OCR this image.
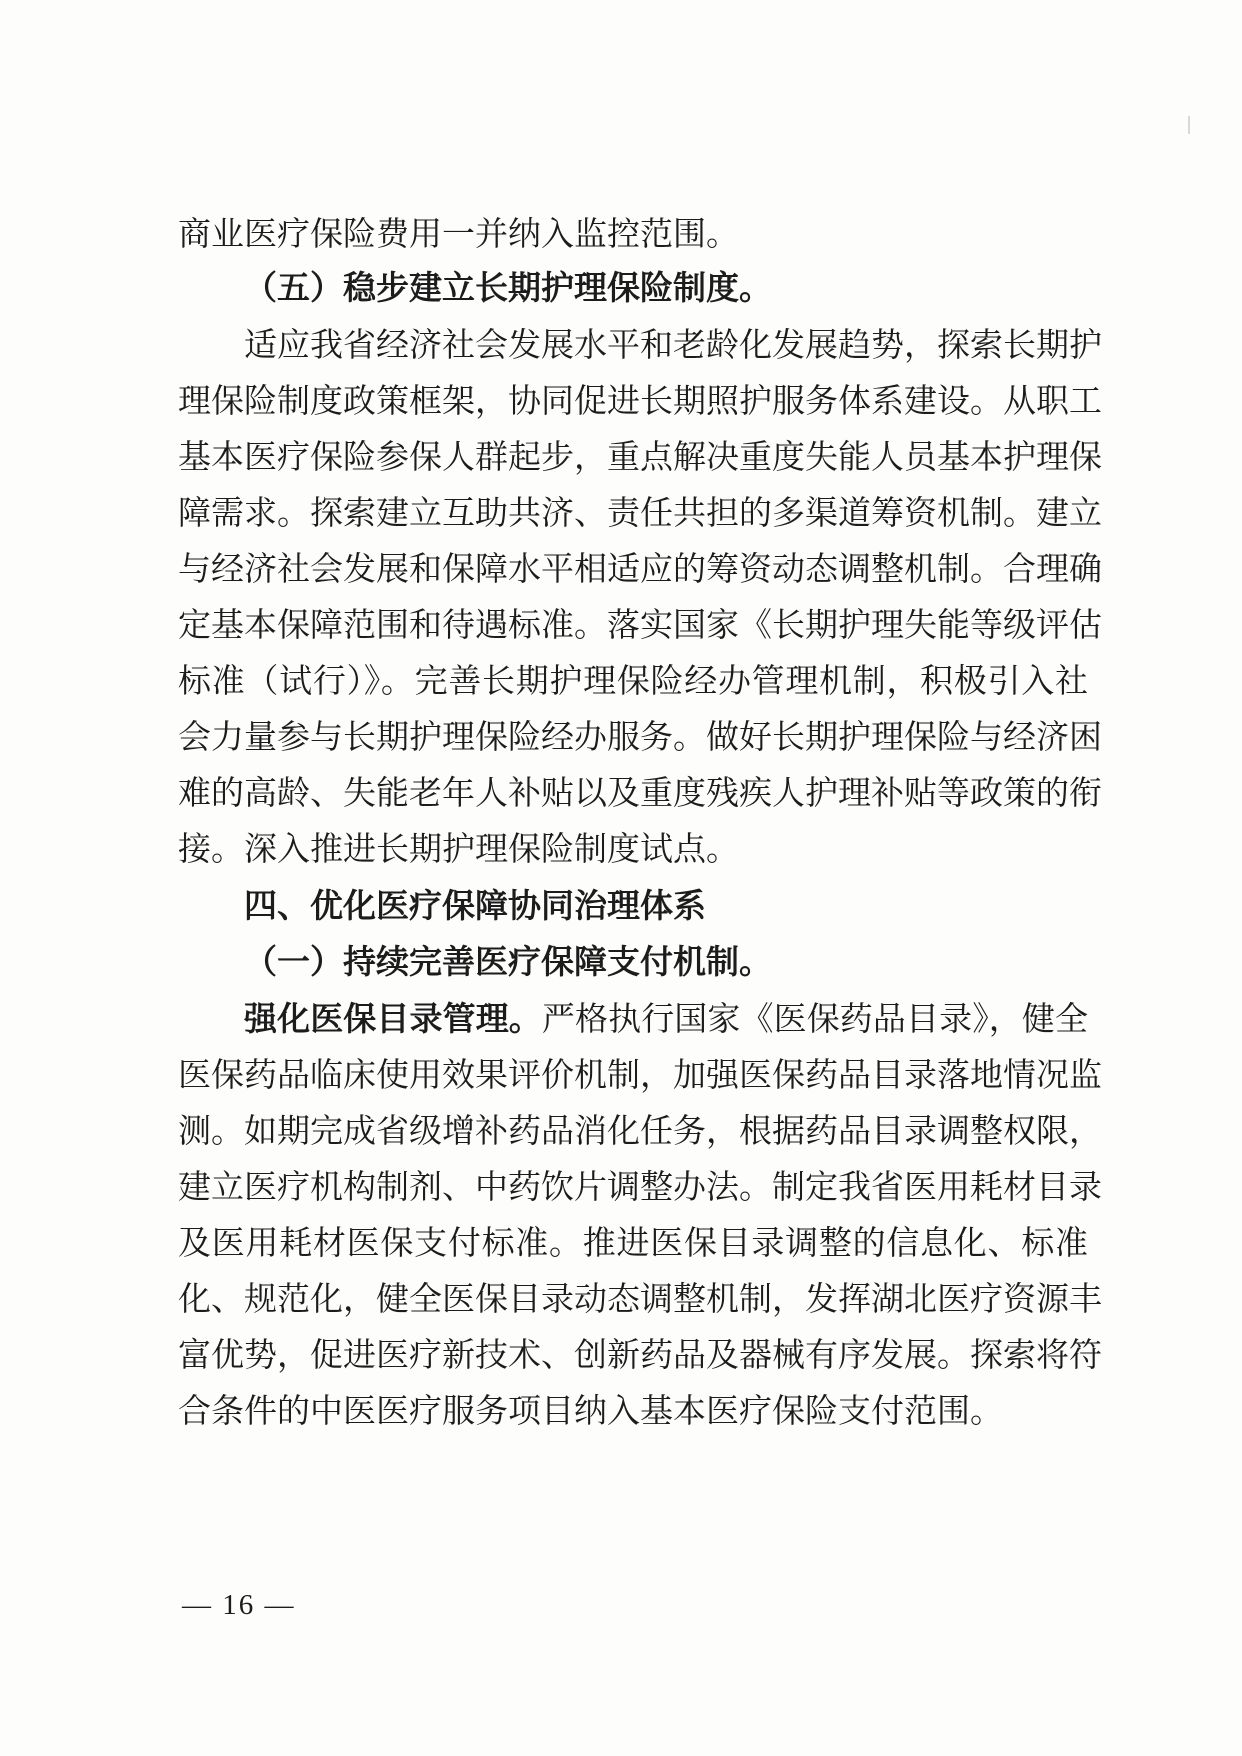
商业医疗保险费用一并纳入监控范围。
（五）稳步建立长期护理保险制度。
适应我省经济社会发展水平和老龄化发展趋势，探索长期护
理保险制度政策框架，协同促进长期照护服务体系建设。从职工
基本医疗保险参保人群起步，重点解决重度失能人员基本护理保
障需求。探索建立互助共济、责任共担的多渠道筹资机制。建立
与经济社会发展和保障水平相适应的筹资动态调整机制。合理确
定基本保障范围和待遇标准。落实国家《长期护理失能等级评估
标准（试行）》。完善长期护理保险经办管理机制，积极引入社
会力量参与长期护理保险经办服务。做好长期护理保险与经济困
难的高龄、失能老年人补贴以及重度残疾人护理补贴等政策的衔
接。深入推进长期护理保险制度试点。
四、优化医疗保障协同治理体系
（一）持续完善医疗保障支付机制。
强化医保目录管理。严格执行国家《医保药品目录》，健全
医保药品临床使用效果评价机制，加强医保药品目录落地情况监
测。如期完成省级增补药品消化任务，根据药品目录调整权限，
建立医疗机构制剂、中药饮片调整办法。制定我省医用耗材目录
及医用耗材医保支付标准。推进医保目录调整的信息化、标准
化、规范化，健全医保目录动态调整机制，发挥湖北医疗资源丰
富优势，促进医疗新技术、创新药品及器械有序发展。探索将符
合条件的中医医疗服务项目纳入基本医疗保险支付范围。
— 16 —
